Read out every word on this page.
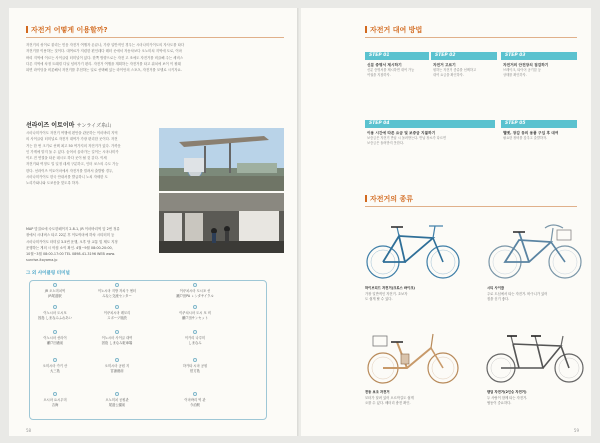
자전거 어떻게 이용할까?
자전거의 성이로 불리는 민음 자전거 여행자 손끝나, 가장 일반적인 경우는 시마나미카이도의 자사도를 타다
자전거를 이용하는 것이다. 대여료가 저렴한 편인데다 레터 곳에서 자동차보다 오노미치 지역에 도로, 이마
바리 지역에 이르는 사이클링 터미널이 있다. 한쪽 방향으로는 자전 고 조에도 자전거를 비끌해 주는 세비스
다른 지역에 차정 트래킹 다닐 넘어가기 편리. 자전거 여행을 계획하는 자전거를 타고 위치에 보이 이 원래
되면 라이딩을 비롯해서 자전거를 추천하는 일로 선택해 있는 라이언의 스포츠, 자전거를 모델로 시키자요.
선라이즈 이토이마 サンライズ糸山
시마나미카이도 자전거 여행에 편안을 관문하는 이마바리 지역
의 사이클링 터미널로 자전거 대여가 가장 편리한 곳이다. 자전
거는 한 번 크기로 선택 최고 50 여가지의 자전거가 있다. 가까운
인 가게에 맡겨 둘 수 있다. 숨어서 올라가는 길이는 시마나미카
이도 전 연결을 타운 데시도 하다 곳이 될 것 같다. 이세
자전거와 여정도 밀 일정 데세 구분하고, 인터 코스의 수도 가능
한다. 선라이즈 이토이마에서 자전거를 빌려서 출발할 경우,
시마나미카이도 한국 안내서를 발급하니 노치 자세한 도
노리가와나와 도코옹을 맞도록 하자.
MAP 맞질료에 숙도한페이지 2-8-1, JR 이마바리역 앞 2번 정류
장에서 시내버스 타고 22분 후 이토야마에 하차 시티터미 등
시마나미카이도 터미널 3-5번 운행, 오후 당 교통 및 제도 지정
운행하는 게의 시 아침 소이 확인. 4월~9월 08:00-20:00,
10월~3월 08:00-17:00 TEL 0898-41-3196 WEB www.
sunrise-itoyama.jp
그 외 사이클링 터미널
JR 오노미치역
JR尾道駅
이노시마 지방 자치구 센터
みなと交流センター
이쿠치시마 도시포 선
瀬戸田PA レンタサイクル
이노시마 도시포
因島 しまなみふれあい
이쿠치시마 레모리
スポーツ施設
이쿠치시마 도시 포 비
瀬戸田サンセット
이노시마 선라이
瀬戸田港前
이노시마 사이클 대여
因島 しまなみ駐車場
이카리 나루미
しまなみ
오미시마 카키 산
大三島
오미시마 공원 지
宮浦港前
하카타 시마 공원
伯方島
오시마 요시우미
吉海
오노미치 공원관
尾道公園前
이마바리 역 관
今治駅
58
자전거 대여 방법
STEP 01
신분 증명서 제시하기
신분 증명서를 제시하면 대여 가능
여권을 지참하자.
STEP 02
자전거 고르기
원하는 자전거 종류를 선택하고
대여 요금을 확인하자.
STEP 03
자전거의 안전장치 점검하기
브레이크, 타이어 공기압 등
상태를 확인하자.
STEP 04
이용 시간에 따른 요금 및 보증금 지불하기
보증금은 자전거 반납 시 돌려받는다. 반납 장소가 다르면
보증금은 돌려받지 못한다.
STEP 05
헬멧, 장갑 등의 용품 구입 후 대여
필요한 장비를 갖추고 출발하자.
자전거의 종류
하이브리드 자전거(크로스 바이크)
가장 일반적인 자전거. 초보자
도 쉽게 탈 수 있다.
시티 사이클
주로 도심에서 타는 자전거. 바구니가 있어
짐을 싣기 좋다.
전동 보조 자전거
모터가 달려 있어 오르막길도 쉽게
오를 수 있다. 배터리 충전 확인.
탠덤 자전거(2인승 자전거)
두 사람이 함께 타는 자전거.
협동이 중요하다.
59
